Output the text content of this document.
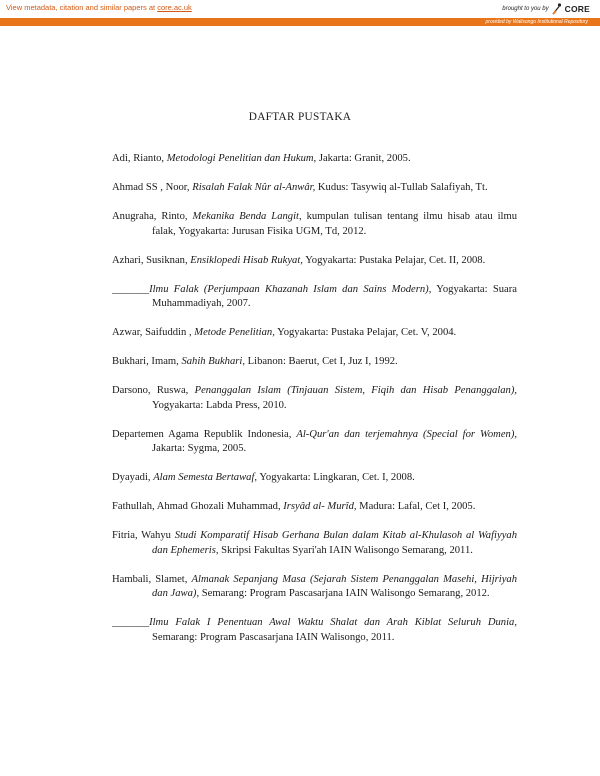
View metadata, citation and similar papers at core.ac.uk	brought to you by CORE
provided by Walisongo Institutional Repository
DAFTAR PUSTAKA

Adi, Rianto, Metodologi Penelitian dan Hukum, Jakarta: Granit, 2005.

Ahmad SS , Noor, Risalah Falak Nûr al-Anwâr, Kudus: Tasywiq al-Tullab Salafiyah, Tt.

Anugraha, Rinto, Mekanika Benda Langit, kumpulan tulisan tentang ilmu hisab atau ilmu falak, Yogyakarta: Jurusan Fisika UGM, Td, 2012.

Azhari, Susiknan, Ensiklopedi Hisab Rukyat, Yogyakarta: Pustaka Pelajar, Cet. II, 2008.

_______Ilmu Falak (Perjumpaan Khazanah Islam dan Sains Modern), Yogyakarta: Suara Muhammadiyah, 2007.

Azwar, Saifuddin , Metode Penelitian, Yogyakarta: Pustaka Pelajar, Cet. V, 2004.

Bukhari, Imam, Sahih Bukhari, Libanon: Baerut, Cet I, Juz I, 1992.

Darsono, Ruswa, Penanggalan Islam (Tinjauan Sistem, Fiqih dan Hisab Penanggalan), Yogyakarta: Labda Press, 2010.

Departemen Agama Republik Indonesia, Al-Qur'an dan terjemahnya (Special for Women), Jakarta: Sygma, 2005.

Dyayadi, Alam Semesta Bertawaf, Yogyakarta: Lingkaran, Cet. I, 2008.

Fathullah, Ahmad Ghozali Muhammad, Irsyâd al- Murîd, Madura: Lafal, Cet I, 2005.

Fitria, Wahyu Studi Komparatif Hisab Gerhana Bulan dalam Kitab al-Khulasoh al Wafiyyah dan Ephemeris, Skripsi Fakultas Syari'ah IAIN Walisongo Semarang, 2011.

Hambali, Slamet, Almanak Sepanjang Masa (Sejarah Sistem Penanggalan Masehi, Hijriyah dan Jawa), Semarang: Program Pascasarjana IAIN Walisongo Semarang, 2012.

_______Ilmu Falak I Penentuan Awal Waktu Shalat dan Arah Kiblat Seluruh Dunia, Semarang: Program Pascasarjana IAIN Walisongo, 2011.
